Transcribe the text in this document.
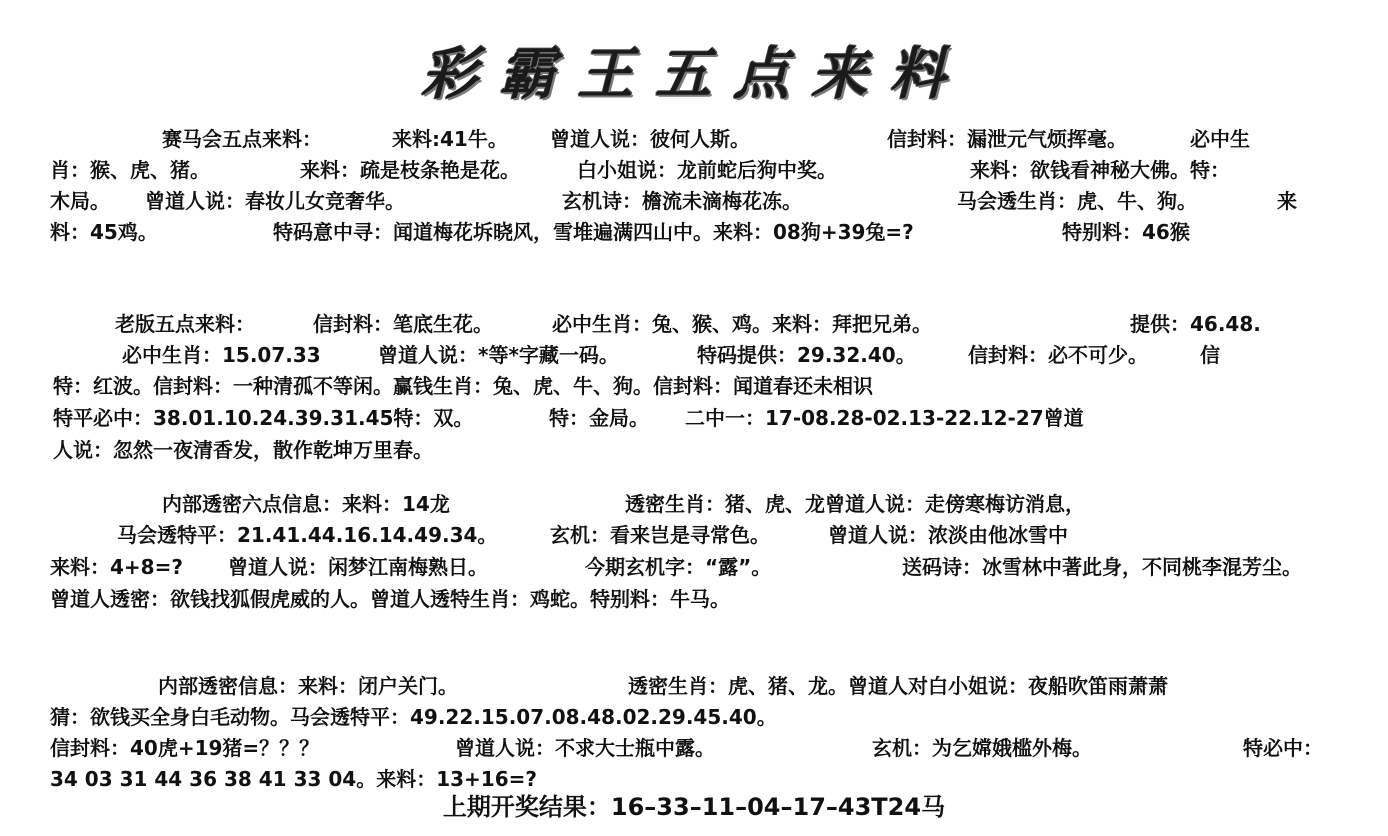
彩霸王五点来料
赛马会五点来料：	来料:41牛。 曾道人说：彼何人斯。	信封料：漏泄元气烦挥毫。	必中生
肖：猴、虎、猪。	来料：疏是枝条艳是花。	白小姐说：龙前蛇后狗中奖。	来料：欲钱看神秘大佛。特：
木局。 曾道人说：春妆儿女竞奢华。	玄机诗：檐流未滴梅花冻。	马会透生肖：虎、牛、狗。	来
料：45鸡。	特码意中寻：闻道梅花坼晓风，雪堆遍满四山中。来料：08狗+39兔=?	特别料：46猴
老版五点来料：	信封料：笔底生花。	必中生肖：兔、猴、鸡。来料：拜把兄弟。	提供：46.48.
必中生肖：15.07.33	曾道人说：*等*字藏一码。	特码提供：29.32.40。	信封料：必不可少。	信
特：红波。信封料：一种清孤不等闲。赢钱生肖：兔、虎、牛、狗。信封料：闻道春还未相识
特平必中：38.01.10.24.39.31.45特：双。	特：金局。 二中一：17-08.28-02.13-22.12-27曾道
人说：忽然一夜清香发，散作乾坤万里春。
内部透密六点信息：来料：14龙	透密生肖：猪、虎、龙曾道人说：走傍寒梅访消息，
马会透特平：21.41.44.16.14.49.34。	玄机：看来岂是寻常色。	曾道人说：浓淡由他冰雪中
来料：4+8=? 曾道人说：闲梦江南梅熟日。	今期玄机字：“露”。	送码诗：冰雪林中著此身，不同桃李混芳尘。
曾道人透密：欲钱找狐假虎威的人。曾道人透特生肖：鸡蛇。特别料：牛马。
内部透密信息：来料：闭户关门。	透密生肖：虎、猪、龙。曾道人对白小姐说：夜船吹笛雨萧萧
猜：欲钱买全身白毛动物。马会透特平：49.22.15.07.08.48.02.29.45.40。
信封料：40虎+19猪=？？？	曾道人说：不求大士瓶中露。	玄机：为乞嫦娥槛外梅。	特必中：
34 03 31 44 36 38 41 33 04。来料：13+16=?
上期开奖结果：16–33–11–04–17–43T24马
